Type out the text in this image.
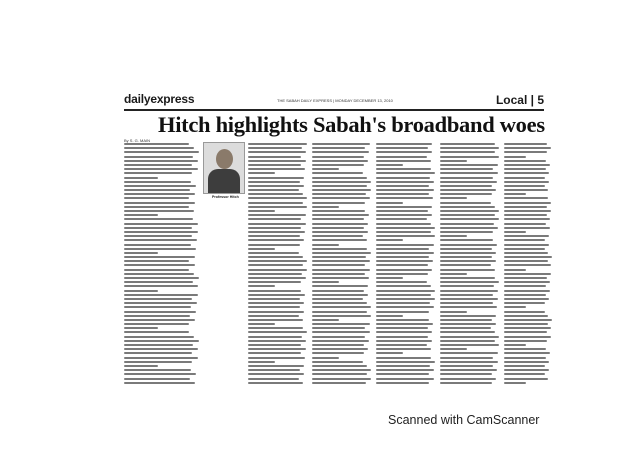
dailyexpress	THE SABAH DAILY EXPRESS | MONDAY DECEMBER 13, 2010	Local | 5
Hitch highlights Sabah's broadband woes
By S. G. MAIN
Professor Hitch
Scanned with CamScanner
